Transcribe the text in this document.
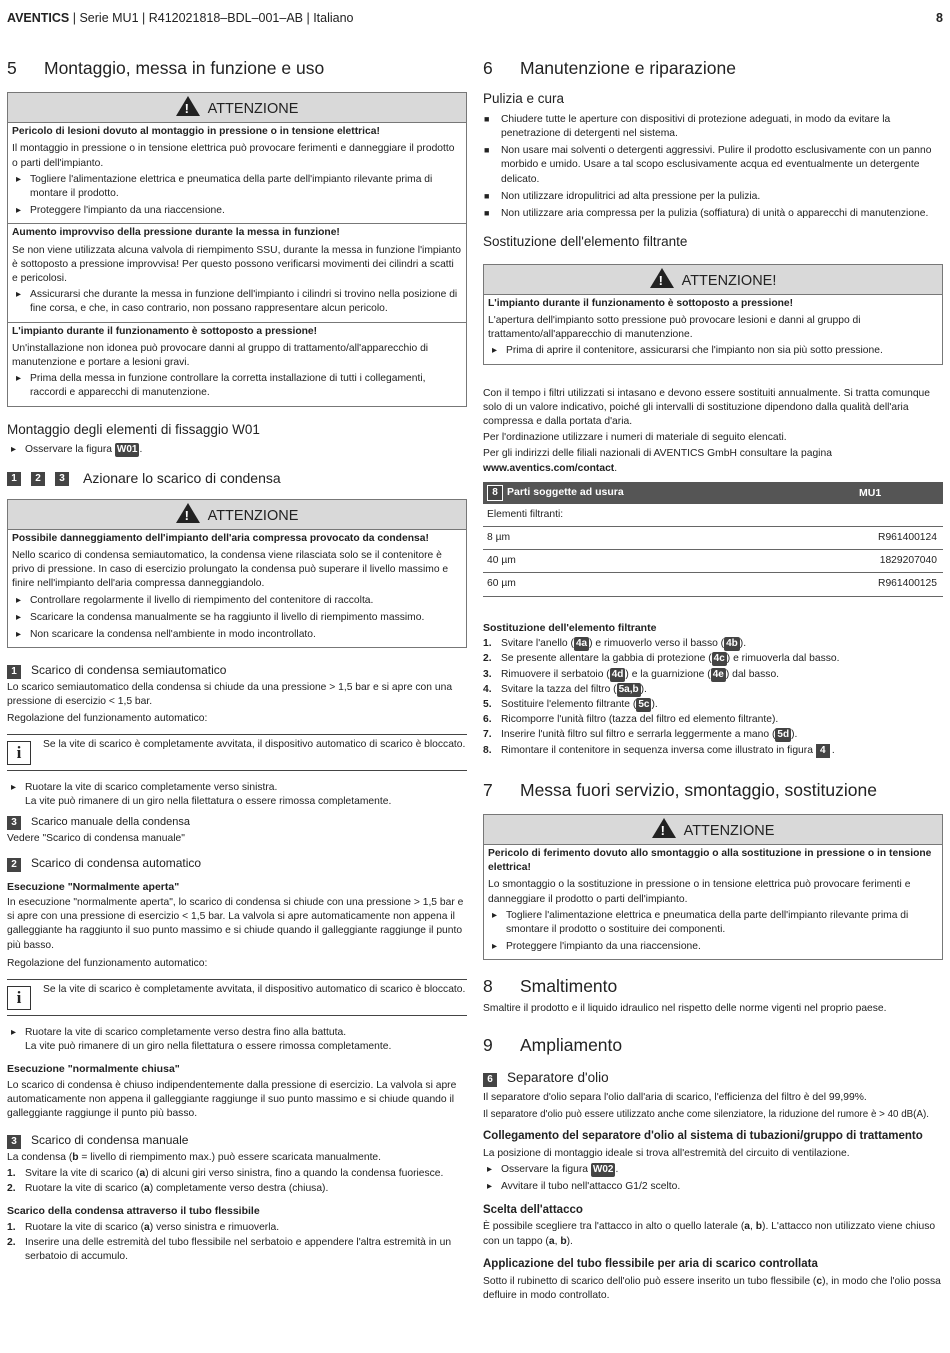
AVENTICS | Serie MU1 | R412021818–BDL–001–AB | Italiano	8
5	Montaggio, messa in funzione e uso
!ATTENZIONE
Pericolo di lesioni dovuto al montaggio in pressione o in tensione elettrica!

Il montaggio in pressione o in tensione elettrica può provocare ferimenti e danneggiare il prodotto o parti dell'impianto.

▸ Togliere l'alimentazione elettrica e pneumatica della parte dell'impianto rilevante prima di montare il prodotto.
▸ Proteggere l'impianto da una riaccensione.
Aumento improvviso della pressione durante la messa in funzione!

Se non viene utilizzata alcuna valvola di riempimento SSU, durante la messa in funzione l'impianto è sottoposto a pressione improvvisa! Per questo possono verificarsi movimenti dei cilindri a scatti e pericolosi.

▸ Assicurarsi che durante la messa in funzione dell'impianto i cilindri si trovino nella posizione di fine corsa, e che, in caso contrario, non possano rappresentare alcun pericolo.
L'impianto durante il funzionamento è sottoposto a pressione!

Un'installazione non idonea può provocare danni al gruppo di trattamento/all'apparecchio di manutenzione e portare a lesioni gravi.

▸ Prima della messa in funzione controllare la corretta installazione di tutti i collegamenti, raccordi e apparecchi di manutenzione.
Montaggio degli elementi di fissaggio W01
▸ Osservare la figura W01 .
1	2	3	Azionare lo scarico di condensa
!ATTENZIONE
Possibile danneggiamento dell'impianto dell'aria compressa provocato da condensa!

Nello scarico di condensa semiautomatico, la condensa viene rilasciata solo se il contenitore è privo di pressione. In caso di esercizio prolungato la condensa può superare il livello massimo e finire nell'impianto dell'aria compressa danneggiandolo.

▸ Controllare regolarmente il livello di riempimento del contenitore di raccolta.
▸ Scaricare la condensa manualmente se ha raggiunto il livello di riempimento massimo.
▸ Non scaricare la condensa nell'ambiente in modo incontrollato.
1 Scarico di condensa semiautomatico

Lo scarico semiautomatico della condensa si chiude da una pressione > 1,5 bar e si apre con una pressione di esercizio < 1,5 bar.

Regolazione del funzionamento automatico:

i	Se la vite di scarico è completamente avvitata, il dispositivo automatico di scarico è bloccato.
▸ Ruotare la vite di scarico completamente verso sinistra.
La vite può rimanere di un giro nella filettatura o essere rimossa completamente.
3 Scarico manuale della condensa

Vedere "Scarico di condensa manuale"

2 Scarico di condensa automatico
Esecuzione "Normalmente aperta"

In esecuzione "normalmente aperta", lo scarico di condensa si chiude con una pressione > 1,5 bar e si apre con una pressione di esercizio < 1,5 bar. La valvola si apre automaticamente non appena il galleggiante ha raggiunto il suo punto massimo e si chiude quando il galleggiante raggiunge il punto più basso.

Regolazione del funzionamento automatico:

i	Se la vite di scarico è completamente avvitata, il dispositivo automatico di scarico è bloccato.
▸ Ruotare la vite di scarico completamente verso destra fino alla battuta.
La vite può rimanere di un giro nella filettatura o essere rimossa completamente.
Esecuzione "normalmente chiusa"

Lo scarico di condensa è chiuso indipendentemente dalla pressione di esercizio. La valvola si apre automaticamente non appena il galleggiante raggiunge il suo punto massimo e si chiude quando il galleggiante raggiunge il punto più basso.

3 Scarico di condensa manuale

La condensa (b = livello di riempimento max.) può essere scaricata manualmente.

1. Svitare la vite di scarico (a) di alcuni giri verso sinistra, fino a quando la condensa fuoriesce.
2. Ruotare la vite di scarico (a) completamente verso destra (chiusa).
Scarico della condensa attraverso il tubo flessibile
1. Ruotare la vite di scarico (a) verso sinistra e rimuoverla.
2. Inserire una delle estremità del tubo flessibile nel serbatoio e appendere l'altra estremità in un serbatoio di accumulo.
6	Manutenzione e riparazione
Pulizia e cura
■ Chiudere tutte le aperture con dispositivi di protezione adeguati, in modo da evitare la penetrazione di detergenti nel sistema.
■ Non usare mai solventi o detergenti aggressivi. Pulire il prodotto esclusivamente con un panno morbido e umido. Usare a tal scopo esclusivamente acqua ed eventualmente un detergente delicato.
■ Non utilizzare idropulitrici ad alta pressione per la pulizia.
■ Non utilizzare aria compressa per la pulizia (soffiatura) di unità o apparecchi di manutenzione.
Sostituzione dell'elemento filtrante
!ATTENZIONE!
L'impianto durante il funzionamento è sottoposto a pressione!

L'apertura dell'impianto sotto pressione può provocare lesioni e danni al gruppo di trattamento/all'apparecchio di manutenzione.

▸ Prima di aprire il contenitore, assicurarsi che l'impianto non sia più sotto pressione.

Con il tempo i filtri utilizzati si intasano e devono essere sostituiti annualmente. Si tratta comunque solo di un valore indicativo, poiché gli intervalli di sostituzione dipendono dalla qualità dell'aria compressa e dalla portata d'aria.

Per l'ordinazione utilizzare i numeri di materiale di seguito elencati.

Per gli indirizzi delle filiali nazionali di AVENTICS GmbH consultare la pagina

www.aventics.com/contact.

8 Parti soggette ad usura	MU1
Elementi filtranti:	
8 µm	R961400124
40 µm	1829207040
60 µm	R961400125
Sostituzione dell'elemento filtrante
1. Svitare l'anello ( 4a ) e rimuoverlo verso il basso ( 4b ).
2. Se presente allentare la gabbia di protezione ( 4c ) e rimuoverla dal basso.
3. Rimuovere il serbatoio ( 4d ) e la guarnizione ( 4e ) dal basso.
4. Svitare la tazza del filtro ( 5a,b ).
5. Sostituire l'elemento filtrante ( 5c ).
6. Ricomporre l'unità filtro (tazza del filtro ed elemento filtrante).
7. Inserire l'unità filtro sul filtro e serrarla leggermente a mano ( 5d ).
8. Rimontare il contenitore in sequenza inversa come illustrato in figura 4 .
7	Messa fuori servizio, smontaggio, sostituzione
!ATTENZIONE
Pericolo di ferimento dovuto allo smontaggio o alla sostituzione in pressione o in tensione elettrica!

Lo smontaggio o la sostituzione in pressione o in tensione elettrica può provocare ferimenti e danneggiare il prodotto o parti dell'impianto.

▸ Togliere l'alimentazione elettrica e pneumatica della parte dell'impianto rilevante prima di smontare il prodotto o sostituire dei componenti.
▸ Proteggere l'impianto da una riaccensione.
8	Smaltimento

Smaltire il prodotto e il liquido idraulico nel rispetto delle norme vigenti nel proprio paese.

9	Ampliamento
6 Separatore d'olio

Il separatore d'olio separa l'olio dall'aria di scarico, l'efficienza del filtro è del 99,99%.

Il separatore d'olio può essere utilizzato anche come silenziatore, la riduzione del rumore è > 40 dB(A).

Collegamento del separatore d'olio al sistema di tubazioni/gruppo di trattamento

La posizione di montaggio ideale si trova all'estremità del circuito di ventilazione.

▸ Osservare la figura W02 .
▸ Avvitare il tubo nell'attacco G1/2 scelto.
Scelta dell'attacco

È possibile scegliere tra l'attacco in alto o quello laterale (a, b). L'attacco non utilizzato viene chiuso con un tappo (a, b).

Applicazione del tubo flessibile per aria di scarico controllata

Sotto il rubinetto di scarico dell'olio può essere inserito un tubo flessibile (c), in modo che l'olio possa defluire in modo controllato.
